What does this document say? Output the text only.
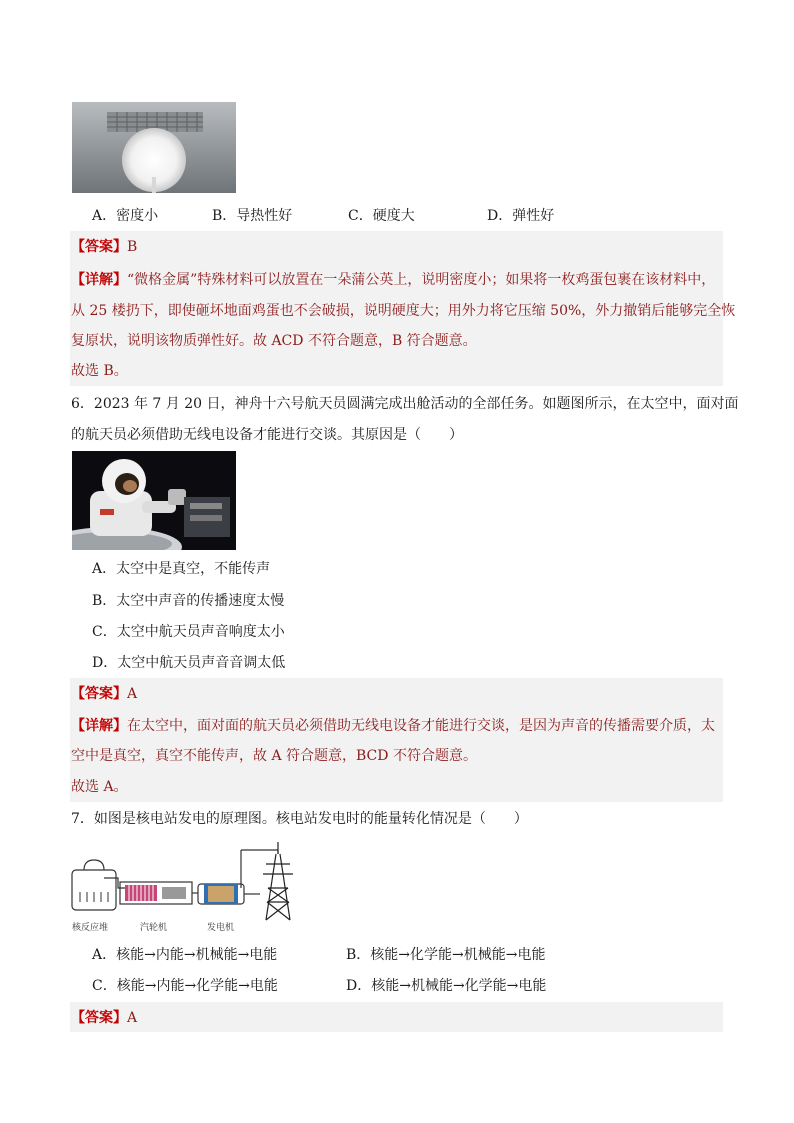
A．密度小	B．导热性好	C．硬度大	D．弹性好
【答案】B
【详解】“微格金属”特殊材料可以放置在一朵蒲公英上，说明密度小；如果将一枚鸡蛋包裹在该材料中，
从 25 楼扔下，即使砸坏地面鸡蛋也不会破损，说明硬度大；用外力将它压缩 50%，外力撤销后能够完全恢
复原状，说明该物质弹性好。故 ACD 不符合题意，B 符合题意。
故选 B。
6．2023 年 7 月 20 日，神舟十六号航天员圆满完成出舱活动的全部任务。如题图所示，在太空中，面对面
的航天员必须借助无线电设备才能进行交谈。其原因是（　　）
A．太空中是真空，不能传声
B．太空中声音的传播速度太慢
C．太空中航天员声音响度太小
D．太空中航天员声音音调太低
【答案】A
【详解】在太空中，面对面的航天员必须借助无线电设备才能进行交谈，是因为声音的传播需要介质，太
空中是真空，真空不能传声，故 A 符合题意，BCD 不符合题意。
故选 A。
7．如图是核电站发电的原理图。核电站发电时的能量转化情况是（　　）
核反应堆	汽轮机	发电机
A．核能→内能→机械能→电能	B．核能→化学能→机械能→电能
C．核能→内能→化学能→电能	D．核能→机械能→化学能→电能
【答案】A
